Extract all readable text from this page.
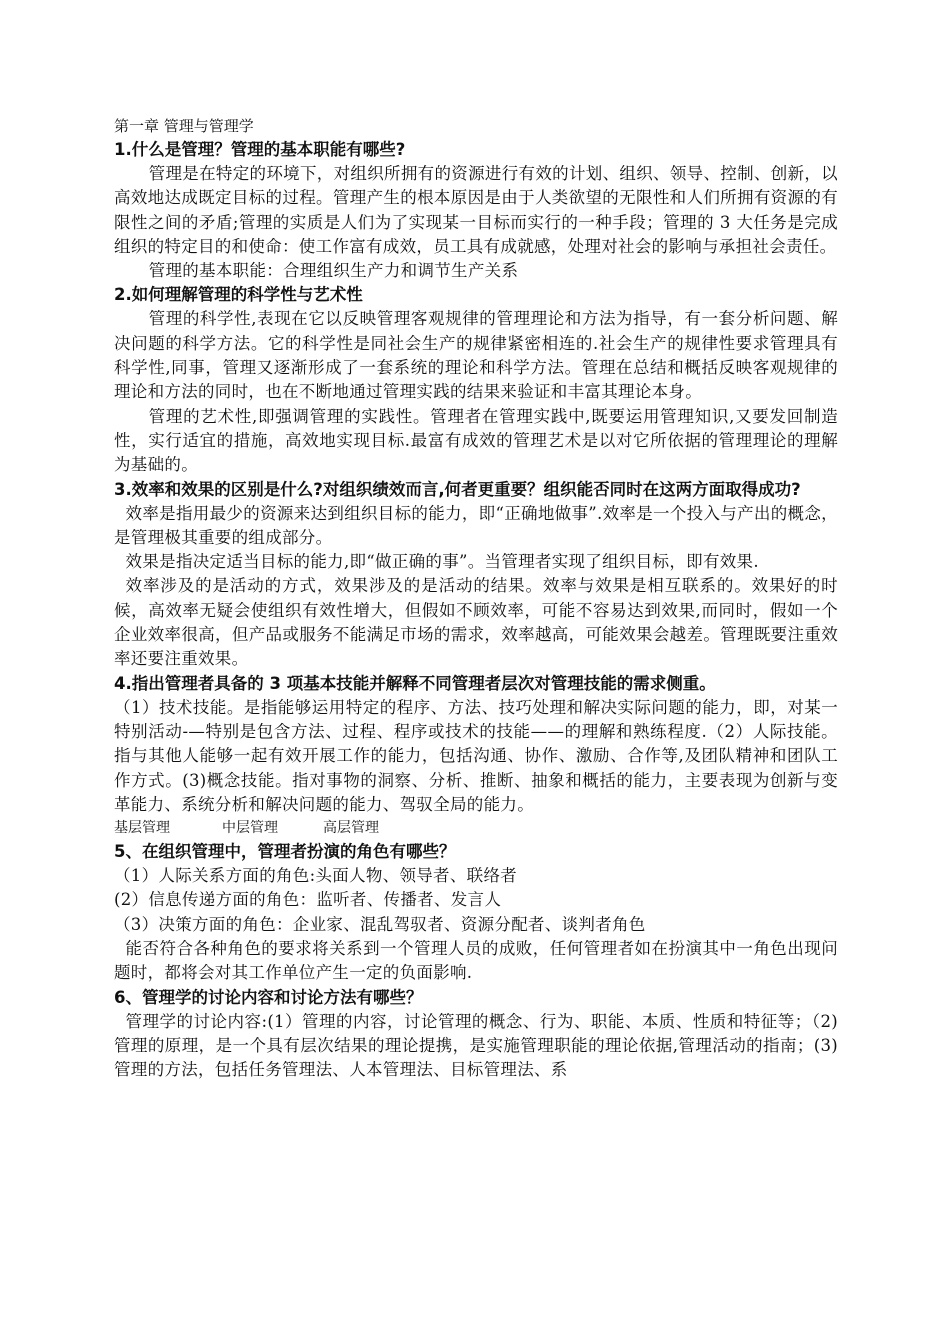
第一章 管理与管理学

1.什么是管理？管理的基本职能有哪些?

管理是在特定的环境下，对组织所拥有的资源进行有效的计划、组织、领导、控制、创新，以高效地达成既定目标的过程。管理产生的根本原因是由于人类欲望的无限性和人们所拥有资源的有限性之间的矛盾;管理的实质是人们为了实现某一目标而实行的一种手段；管理的 3 大任务是完成组织的特定目的和使命：使工作富有成效，员工具有成就感，处理对社会的影响与承担社会责任。

管理的基本职能：合理组织生产力和调节生产关系

2.如何理解管理的科学性与艺术性

管理的科学性,表现在它以反映管理客观规律的管理理论和方法为指导，有一套分析问题、解决问题的科学方法。它的科学性是同社会生产的规律紧密相连的.社会生产的规律性要求管理具有科学性,同事，管理又逐渐形成了一套系统的理论和科学方法。管理在总结和概括反映客观规律的理论和方法的同时，也在不断地通过管理实践的结果来验证和丰富其理论本身。

管理的艺术性,即强调管理的实践性。管理者在管理实践中,既要运用管理知识,又要发回制造性，实行适宜的措施，高效地实现目标.最富有成效的管理艺术是以对它所依据的管理理论的理解为基础的。

3.效率和效果的区别是什么?对组织绩效而言,何者更重要？组织能否同时在这两方面取得成功?

效率是指用最少的资源来达到组织目标的能力，即“正确地做事”.效率是一个投入与产出的概念，是管理极其重要的组成部分。

效果是指决定适当目标的能力,即“做正确的事”。当管理者实现了组织目标，即有效果.

效率涉及的是活动的方式，效果涉及的是活动的结果。效率与效果是相互联系的。效果好的时候，高效率无疑会使组织有效性增大，但假如不顾效率，可能不容易达到效果,而同时，假如一个企业效率很高，但产品或服务不能满足市场的需求，效率越高，可能效果会越差。管理既要注重效率还要注重效果。

4.指出管理者具备的 3 项基本技能并解释不同管理者层次对管理技能的需求侧重。

（1）技术技能。是指能够运用特定的程序、方法、技巧处理和解决实际问题的能力，即，对某一特别活动-—特别是包含方法、过程、程序或技术的技能——的理解和熟练程度.（2）人际技能。指与其他人能够一起有效开展工作的能力，包括沟通、协作、激励、合作等,及团队精神和团队工作方式。(3)概念技能。指对事物的洞察、分析、推断、抽象和概括的能力，主要表现为创新与变革能力、系统分析和解决问题的能力、驾驭全局的能力。

基层管理	中层管理	高层管理

5、在组织管理中，管理者扮演的角色有哪些？

（1）人际关系方面的角色:头面人物、领导者、联络者

(2）信息传递方面的角色：监听者、传播者、发言人

（3）决策方面的角色：企业家、混乱驾驭者、资源分配者、谈判者角色

能否符合各种角色的要求将关系到一个管理人员的成败，任何管理者如在扮演其中一角色出现问题时，都将会对其工作单位产生一定的负面影响.

6、管理学的讨论内容和讨论方法有哪些？

管理学的讨论内容:(1）管理的内容，讨论管理的概念、行为、职能、本质、性质和特征等；（2)管理的原理，是一个具有层次结果的理论提携，是实施管理职能的理论依据,管理活动的指南；(3)管理的方法，包括任务管理法、人本管理法、目标管理法、系
